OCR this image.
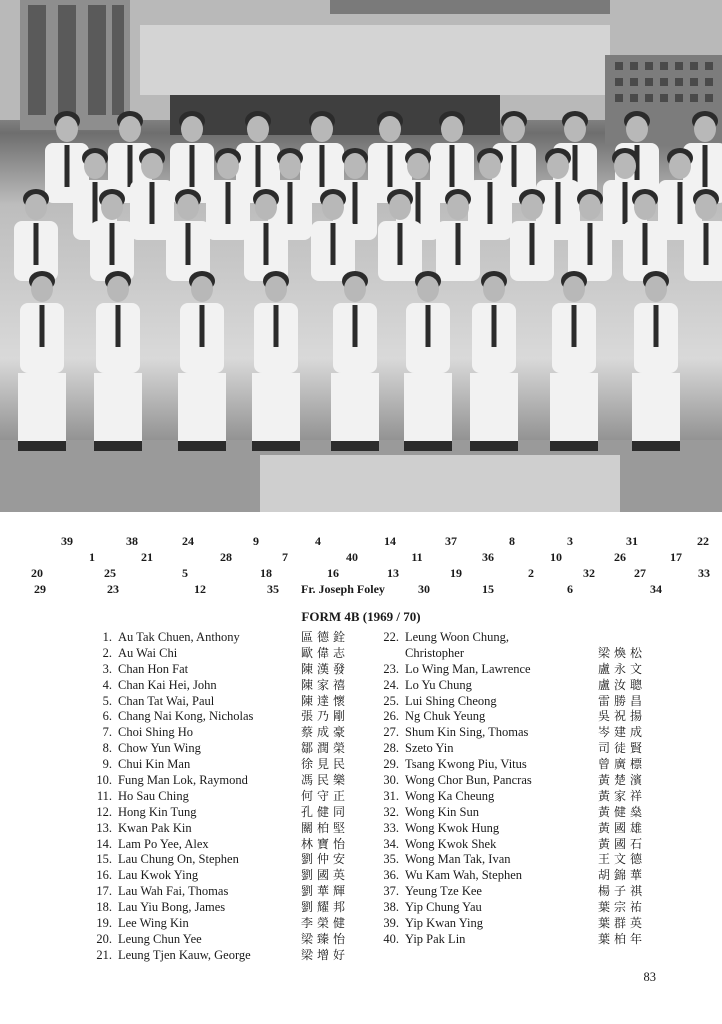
39	38	24	9	4	14	37	8	3	31	22
1	21	28	7	40	11	36	10	26	17
20	25	5	18	16	13	19	2	32	27	33
29	23	12	35 Fr. Joseph Foley	30	15	6	34
FORM 4B (1969 / 70)
1. Au Tak Chuen, Anthony	區德銓
2. Au Wai Chi	歐偉志
3. Chan Hon Fat	陳漢發
4. Chan Kai Hei, John	陳家禧
5. Chan Tat Wai, Paul	陳達懷
6. Chang Nai Kong, Nicholas	張乃剛
7. Choi Shing Ho	蔡成豪
8. Chow Yun Wing	鄒潤榮
9. Chui Kin Man	徐見民
10. Fung Man Lok, Raymond	馮民樂
11. Ho Sau Ching	何守正
12. Hong Kin Tung	孔健同
13. Kwan Pak Kin	關柏堅
14. Lam Po Yee, Alex	林寶怡
15. Lau Chung On, Stephen	劉仲安
16. Lau Kwok Ying	劉國英
17. Lau Wah Fai, Thomas	劉華輝
18. Lau Yiu Bong, James	劉耀邦
19. Lee Wing Kin	李榮健
20. Leung Chun Yee	梁臻怡
21. Leung Tjen Kauw, George	梁增好
22. Leung Woon Chung,
Christopher	梁煥松
23. Lo Wing Man, Lawrence	盧永文
24. Lo Yu Chung	盧汝聰
25. Lui Shing Cheong	雷勝昌
26. Ng Chuk Yeung	吳祝揚
27. Shum Kin Sing, Thomas	岑建成
28. Szeto Yin	司徒賢
29. Tsang Kwong Piu, Vitus	曾廣標
30. Wong Chor Bun, Pancras	黃楚濱
31. Wong Ka Cheung	黃家祥
32. Wong Kin Sun	黃健燊
33. Wong Kwok Hung	黃國雄
34. Wong Kwok Shek	黃國石
35. Wong Man Tak, Ivan	王文德
36. Wu Kam Wah, Stephen	胡錦華
37. Yeung Tze Kee	楊子祺
38. Yip Chung Yau	葉宗祐
39. Yip Kwan Ying	葉群英
40. Yip Pak Lin	葉柏年
83
